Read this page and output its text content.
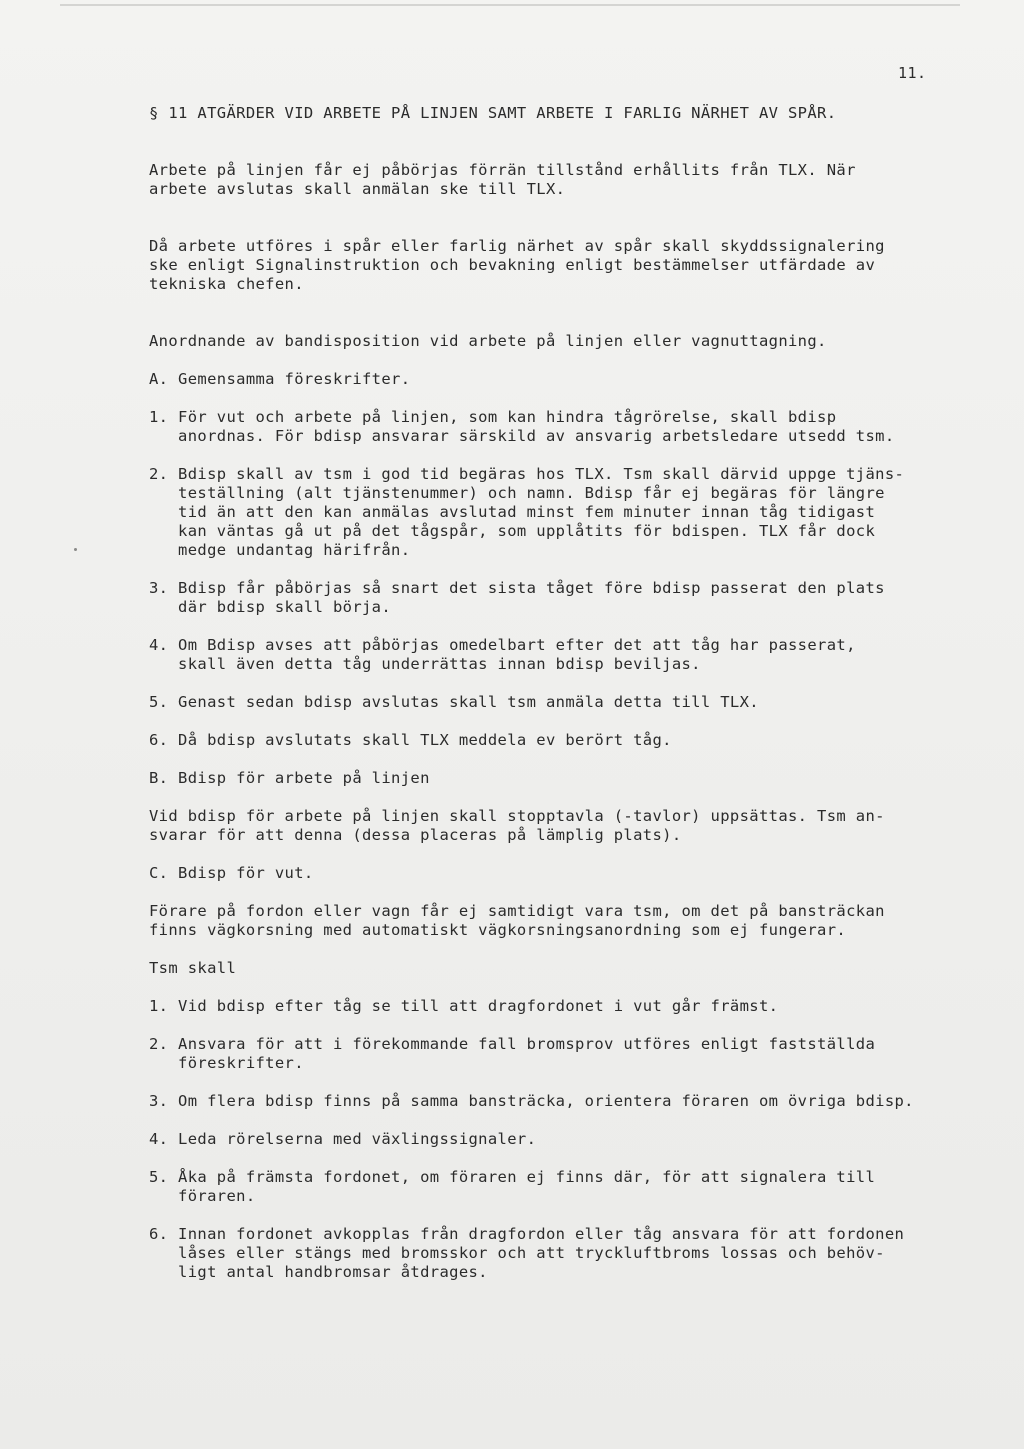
11.

§ 11 ATGÄRDER VID ARBETE PÅ LINJEN SAMT ARBETE I FARLIG NÄRHET AV SPÅR.

Arbete på linjen får ej påbörjas förrän tillstånd erhållits från TLX. När

arbete avslutas skall anmälan ske till TLX.

Då arbete utföres i spår eller farlig närhet av spår skall skyddssignalering

ske enligt Signalinstruktion och bevakning enligt bestämmelser utfärdade av

tekniska chefen.

Anordnande av bandisposition vid arbete på linjen eller vagnuttagning.

A. Gemensamma föreskrifter.

1. För vut och arbete på linjen, som kan hindra tågrörelse, skall bdisp

anordnas. För bdisp ansvarar särskild av ansvarig arbetsledare utsedd tsm.

2. Bdisp skall av tsm i god tid begäras hos TLX. Tsm skall därvid uppge tjäns-

teställning (alt tjänstenummer) och namn. Bdisp får ej begäras för längre

tid än att den kan anmälas avslutad minst fem minuter innan tåg tidigast

kan väntas gå ut på det tågspår, som upplåtits för bdispen. TLX får dock

medge undantag härifrån.

3. Bdisp får påbörjas så snart det sista tåget före bdisp passerat den plats

där bdisp skall börja.

4. Om Bdisp avses att påbörjas omedelbart efter det att tåg har passerat,

skall även detta tåg underrättas innan bdisp beviljas.

5. Genast sedan bdisp avslutas skall tsm anmäla detta till TLX.

6. Då bdisp avslutats skall TLX meddela ev berört tåg.

B. Bdisp för arbete på linjen

Vid bdisp för arbete på linjen skall stopptavla (-tavlor) uppsättas. Tsm an-

svarar för att denna (dessa placeras på lämplig plats).

C. Bdisp för vut.

Förare på fordon eller vagn får ej samtidigt vara tsm, om det på bansträckan

finns vägkorsning med automatiskt vägkorsningsanordning som ej fungerar.

Tsm skall

1. Vid bdisp efter tåg se till att dragfordonet i vut går främst.

2. Ansvara för att i förekommande fall bromsprov utföres enligt fastställda

föreskrifter.

3. Om flera bdisp finns på samma bansträcka, orientera föraren om övriga bdisp.

4. Leda rörelserna med växlingssignaler.

5. Åka på främsta fordonet, om föraren ej finns där, för att signalera till

föraren.

6. Innan fordonet avkopplas från dragfordon eller tåg ansvara för att fordonen

låses eller stängs med bromsskor och att tryckluftbroms lossas och behöv-

ligt antal handbromsar åtdrages.
